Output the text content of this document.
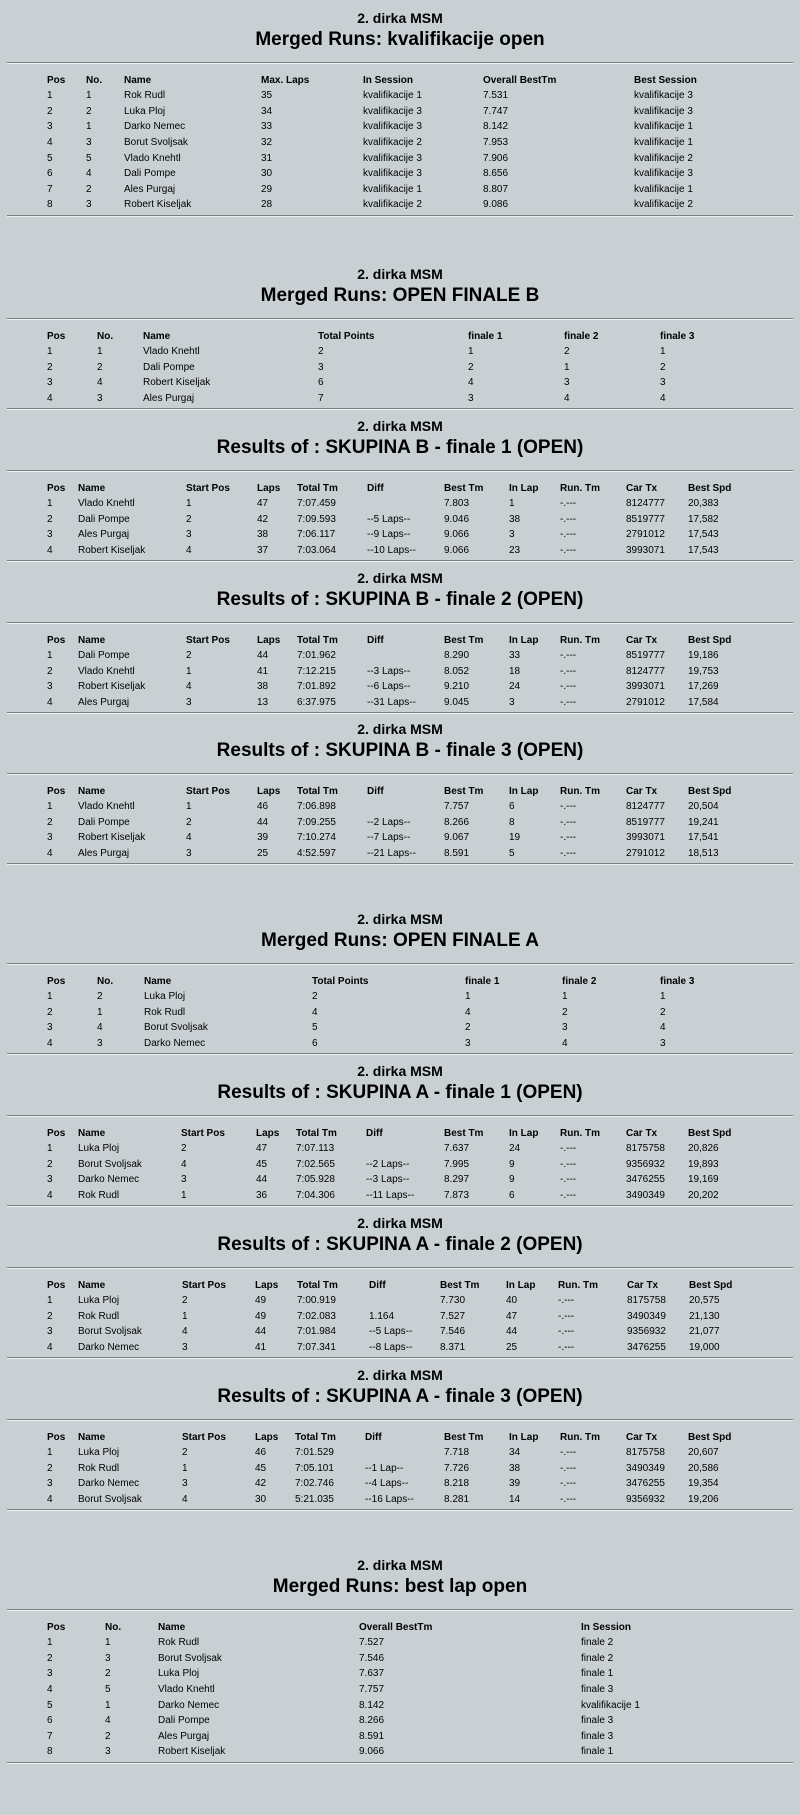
2. dirka MSM
Merged Runs: kvalifikacije open
Pos	No.	Name	Max. Laps	In Session	Overall BestTm	Best Session
1	1	Rok Rudl	35	kvalifikacije 1	7.531	kvalifikacije 3
2	2	Luka Ploj	34	kvalifikacije 3	7.747	kvalifikacije 3
3	1	Darko Nemec	33	kvalifikacije 3	8.142	kvalifikacije 1
4	3	Borut Svoljsak	32	kvalifikacije 2	7.953	kvalifikacije 1
5	5	Vlado Knehtl	31	kvalifikacije 3	7.906	kvalifikacije 2
6	4	Dali Pompe	30	kvalifikacije 3	8.656	kvalifikacije 3
7	2	Ales Purgaj	29	kvalifikacije 1	8.807	kvalifikacije 1
8	3	Robert Kiseljak	28	kvalifikacije 2	9.086	kvalifikacije 2
2. dirka MSM
Merged Runs: OPEN FINALE B
Pos	No.	Name	Total Points	finale 1	finale 2	finale 3
1	1	Vlado Knehtl	2	1	2	1
2	2	Dali Pompe	3	2	1	2
3	4	Robert Kiseljak	6	4	3	3
4	3	Ales Purgaj	7	3	4	4
2. dirka MSM
Results of : SKUPINA B - finale 1 (OPEN)
Pos	Name	Start Pos	Laps	Total Tm	Diff	Best Tm	In Lap	Run. Tm	Car Tx	Best Spd
1	Vlado Knehtl	1	47	7:07.459		7.803	1	-.---	8124777	20,383
2	Dali Pompe	2	42	7:09.593	--5 Laps--	9.046	38	-.---	8519777	17,582
3	Ales Purgaj	3	38	7:06.117	--9 Laps--	9.066	3	-.---	2791012	17,543
4	Robert Kiseljak	4	37	7:03.064	--10 Laps--	9.066	23	-.---	3993071	17,543
2. dirka MSM
Results of : SKUPINA B - finale 2 (OPEN)
Pos	Name	Start Pos	Laps	Total Tm	Diff	Best Tm	In Lap	Run. Tm	Car Tx	Best Spd
1	Dali Pompe	2	44	7:01.962		8.290	33	-.---	8519777	19,186
2	Vlado Knehtl	1	41	7:12.215	--3 Laps--	8.052	18	-.---	8124777	19,753
3	Robert Kiseljak	4	38	7:01.892	--6 Laps--	9.210	24	-.---	3993071	17,269
4	Ales Purgaj	3	13	6:37.975	--31 Laps--	9.045	3	-.---	2791012	17,584
2. dirka MSM
Results of : SKUPINA B - finale 3 (OPEN)
Pos	Name	Start Pos	Laps	Total Tm	Diff	Best Tm	In Lap	Run. Tm	Car Tx	Best Spd
1	Vlado Knehtl	1	46	7:06.898		7.757	6	-.---	8124777	20,504
2	Dali Pompe	2	44	7:09.255	--2 Laps--	8.266	8	-.---	8519777	19,241
3	Robert Kiseljak	4	39	7:10.274	--7 Laps--	9.067	19	-.---	3993071	17,541
4	Ales Purgaj	3	25	4:52.597	--21 Laps--	8.591	5	-.---	2791012	18,513
2. dirka MSM
Merged Runs: OPEN FINALE A
Pos	No.	Name	Total Points	finale 1	finale 2	finale 3
1	2	Luka Ploj	2	1	1	1
2	1	Rok Rudl	4	4	2	2
3	4	Borut Svoljsak	5	2	3	4
4	3	Darko Nemec	6	3	4	3
2. dirka MSM
Results of : SKUPINA A - finale 1 (OPEN)
Pos	Name	Start Pos	Laps	Total Tm	Diff	Best Tm	In Lap	Run. Tm	Car Tx	Best Spd
1	Luka Ploj	2	47	7:07.113		7.637	24	-.---	8175758	20,826
2	Borut Svoljsak	4	45	7:02.565	--2 Laps--	7.995	9	-.---	9356932	19,893
3	Darko Nemec	3	44	7:05.928	--3 Laps--	8.297	9	-.---	3476255	19,169
4	Rok Rudl	1	36	7:04.306	--11 Laps--	7.873	6	-.---	3490349	20,202
2. dirka MSM
Results of : SKUPINA A - finale 2 (OPEN)
Pos	Name	Start Pos	Laps	Total Tm	Diff	Best Tm	In Lap	Run. Tm	Car Tx	Best Spd
1	Luka Ploj	2	49	7:00.919		7.730	40	-.---	8175758	20,575
2	Rok Rudl	1	49	7:02.083	1.164	7.527	47	-.---	3490349	21,130
3	Borut Svoljsak	4	44	7:01.984	--5 Laps--	7.546	44	-.---	9356932	21,077
4	Darko Nemec	3	41	7:07.341	--8 Laps--	8.371	25	-.---	3476255	19,000
2. dirka MSM
Results of : SKUPINA A - finale 3 (OPEN)
Pos	Name	Start Pos	Laps	Total Tm	Diff	Best Tm	In Lap	Run. Tm	Car Tx	Best Spd
1	Luka Ploj	2	46	7:01.529		7.718	34	-.---	8175758	20,607
2	Rok Rudl	1	45	7:05.101	--1 Lap--	7.726	38	-.---	3490349	20,586
3	Darko Nemec	3	42	7:02.746	--4 Laps--	8.218	39	-.---	3476255	19,354
4	Borut Svoljsak	4	30	5:21.035	--16 Laps--	8.281	14	-.---	9356932	19,206
2. dirka MSM
Merged Runs: best lap open
Pos	No.	Name	Overall BestTm	In Session
1	1	Rok Rudl	7.527	finale 2
2	3	Borut Svoljsak	7.546	finale 2
3	2	Luka Ploj	7.637	finale 1
4	5	Vlado Knehtl	7.757	finale 3
5	1	Darko Nemec	8.142	kvalifikacije 1
6	4	Dali Pompe	8.266	finale 3
7	2	Ales Purgaj	8.591	finale 3
8	3	Robert Kiseljak	9.066	finale 1
